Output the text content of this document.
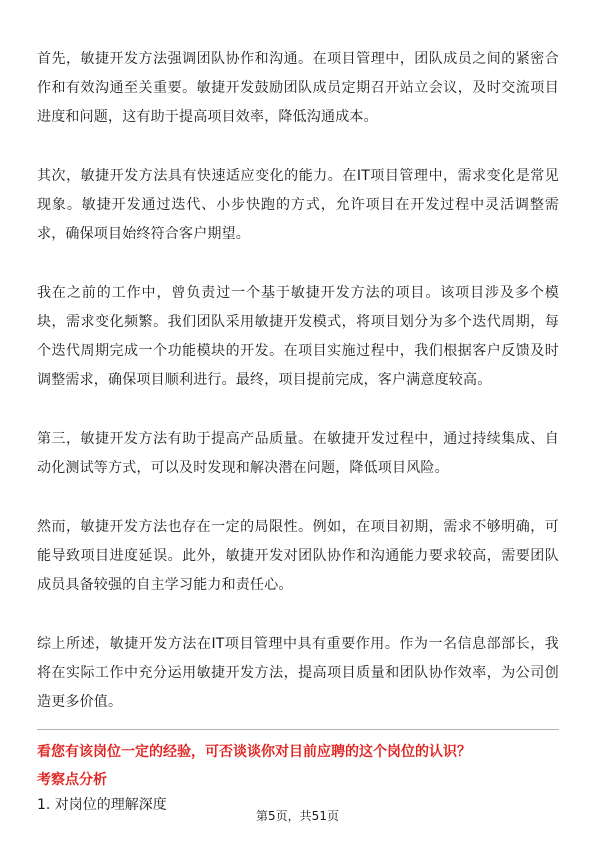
首先，敏捷开发方法强调团队协作和沟通。在项目管理中，团队成员之间的紧密合作和有效沟通至关重要。敏捷开发鼓励团队成员定期召开站立会议，及时交流项目进度和问题，这有助于提高项目效率，降低沟通成本。

其次，敏捷开发方法具有快速适应变化的能力。在IT项目管理中，需求变化是常见现象。敏捷开发通过迭代、小步快跑的方式，允许项目在开发过程中灵活调整需求，确保项目始终符合客户期望。

我在之前的工作中，曾负责过一个基于敏捷开发方法的项目。该项目涉及多个模块，需求变化频繁。我们团队采用敏捷开发模式，将项目划分为多个迭代周期，每个迭代周期完成一个功能模块的开发。在项目实施过程中，我们根据客户反馈及时调整需求，确保项目顺利进行。最终，项目提前完成，客户满意度较高。

第三，敏捷开发方法有助于提高产品质量。在敏捷开发过程中，通过持续集成、自动化测试等方式，可以及时发现和解决潜在问题，降低项目风险。

然而，敏捷开发方法也存在一定的局限性。例如，在项目初期，需求不够明确，可能导致项目进度延误。此外，敏捷开发对团队协作和沟通能力要求较高，需要团队成员具备较强的自主学习能力和责任心。

综上所述，敏捷开发方法在IT项目管理中具有重要作用。作为一名信息部部长，我将在实际工作中充分运用敏捷开发方法，提高项目质量和团队协作效率，为公司创造更多价值。

看您有该岗位一定的经验，可否谈谈你对目前应聘的这个岗位的认识？

考察点分析

1. 对岗位的理解深度

第5页，共51页
